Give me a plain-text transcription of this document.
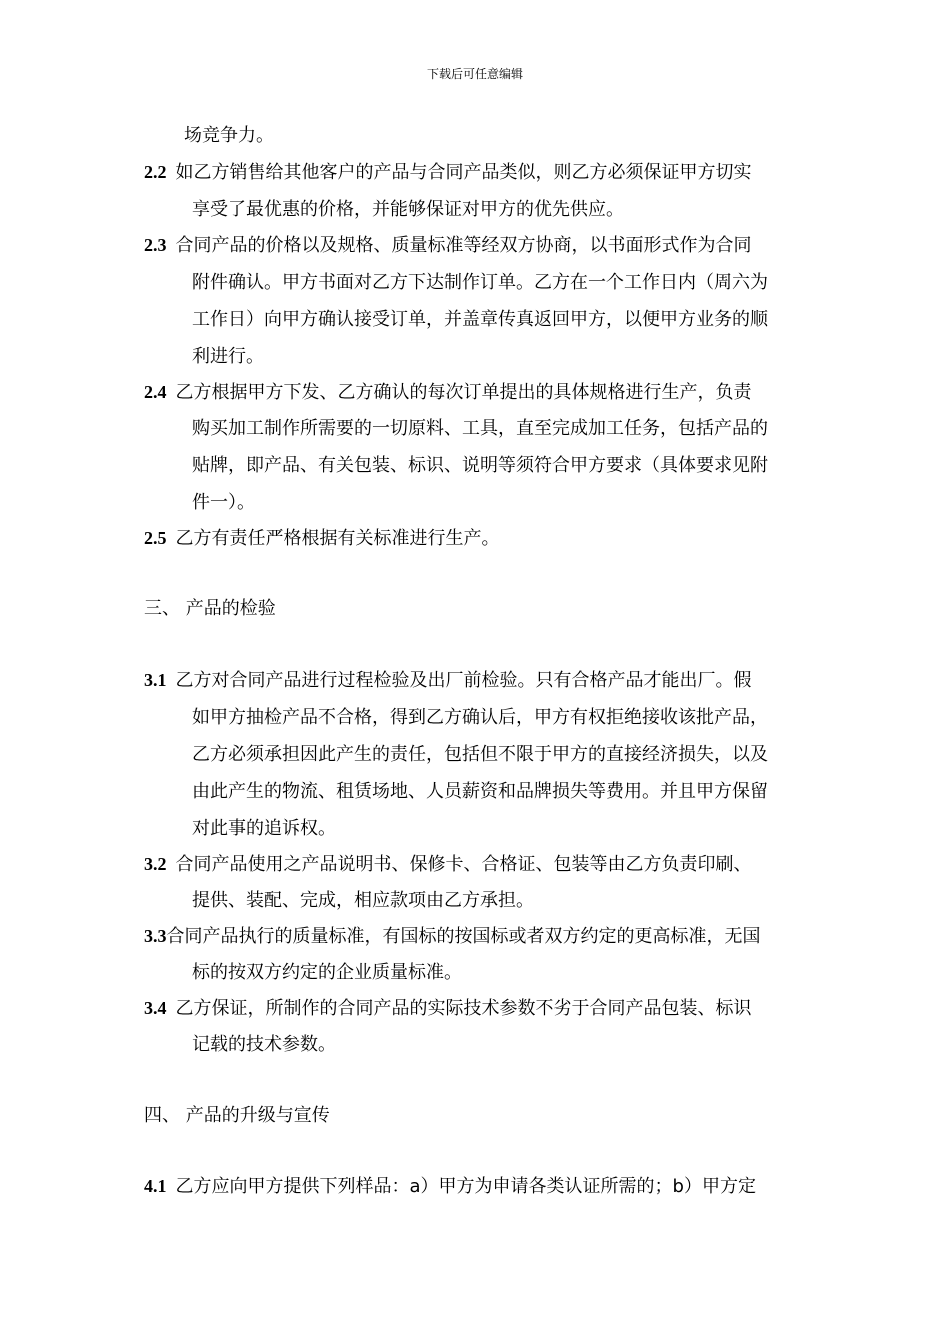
下载后可任意编辑
场竞争力。
2.2 如乙方销售给其他客户的产品与合同产品类似，则乙方必须保证甲方切实
享受了最优惠的价格，并能够保证对甲方的优先供应。
2.3 合同产品的价格以及规格、质量标准等经双方协商，以书面形式作为合同
附件确认。甲方书面对乙方下达制作订单。乙方在一个工作日内（周六为
工作日）向甲方确认接受订单，并盖章传真返回甲方，以便甲方业务的顺
利进行。
2.4 乙方根据甲方下发、乙方确认的每次订单提出的具体规格进行生产，负责
购买加工制作所需要的一切原料、工具，直至完成加工任务，包括产品的
贴牌，即产品、有关包装、标识、说明等须符合甲方要求（具体要求见附
件一）。
2.5 乙方有责任严格根据有关标准进行生产。
三、 产品的检验
3.1 乙方对合同产品进行过程检验及出厂前检验。只有合格产品才能出厂。假
如甲方抽检产品不合格，得到乙方确认后，甲方有权拒绝接收该批产品，
乙方必须承担因此产生的责任，包括但不限于甲方的直接经济损失，以及
由此产生的物流、租赁场地、人员薪资和品牌损失等费用。并且甲方保留
对此事的追诉权。
3.2 合同产品使用之产品说明书、保修卡、合格证、包装等由乙方负责印刷、
提供、装配、完成，相应款项由乙方承担。
3.3合同产品执行的质量标准，有国标的按国标或者双方约定的更高标准，无国
标的按双方约定的企业质量标准。
3.4 乙方保证，所制作的合同产品的实际技术参数不劣于合同产品包装、标识
记载的技术参数。
四、 产品的升级与宣传
4.1 乙方应向甲方提供下列样品：a）甲方为申请各类认证所需的；b）甲方定
